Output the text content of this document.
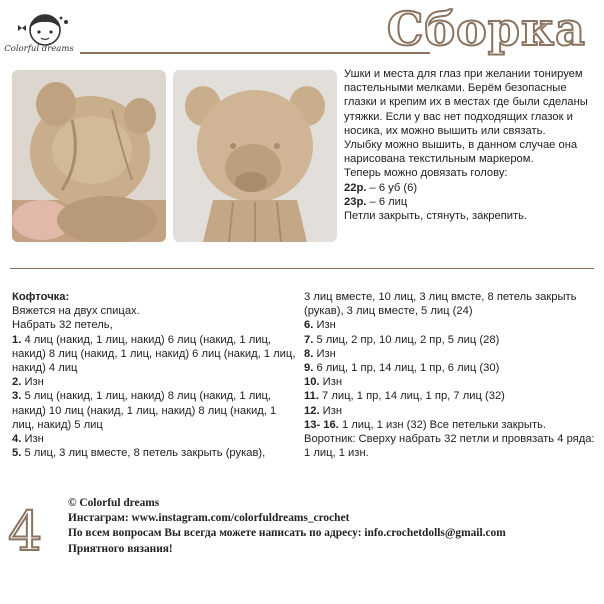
Colorful dreams	Сборка

Ушки и места для глаз при желании тонируем пастельными мелками. Берём безопасные глазки и крепим их в местах где были сделаны утяжки. Если у вас нет подходящих глазок и носика, их можно вышить или связать.

Улыбку можно вышить, в данном случае она нарисована текстильным маркером.

Теперь можно довязать голову:

22р. – 6 уб (6)

23р. – 6 лиц

Петли закрыть, стянуть, закрепить.

Кофточка:

Вяжется на двух спицах.

Набрать 32 петель,

1. 4 лиц (накид, 1 лиц, накид) 6 лиц (накид, 1 лиц, накид) 8 лиц (накид, 1 лиц, накид) 6 лиц (накид, 1 лиц, накид) 4 лиц

2. Изн

3. 5 лиц (накид, 1 лиц, накид) 8 лиц (накид, 1 лиц, накид) 10 лиц (накид, 1 лиц, накид) 8 лиц (накид, 1 лиц, накид) 5 лиц

4. Изн

5. 5 лиц, 3 лиц вместе, 8 петель закрыть (рукав),

3 лиц вместе, 10 лиц, 3 лиц вмсте, 8 петель закрыть (рукав), 3 лиц вместе, 5 лиц (24)

6. Изн

7. 5 лиц, 2 пр, 10 лиц, 2 пр, 5 лиц (28)

8. Изн

9. 6 лиц, 1 пр, 14 лиц, 1 пр, 6 лиц (30)

10. Изн

11. 7 лиц, 1 пр, 14 лиц, 1 пр, 7 лиц (32)

12. Изн

13- 16. 1 лиц, 1 изн (32) Все петельки закрыть.

Воротник: Сверху набрать 32 петли и провязать 4 ряда: 1 лиц, 1 изн.

4 © Colorful dreams

Инстаграм: www.instagram.com/colorfuldreams_crochet

По всем вопросам Вы всегда можете написать по адресу: info.crochetdolls@gmail.com

Приятного вязания!
